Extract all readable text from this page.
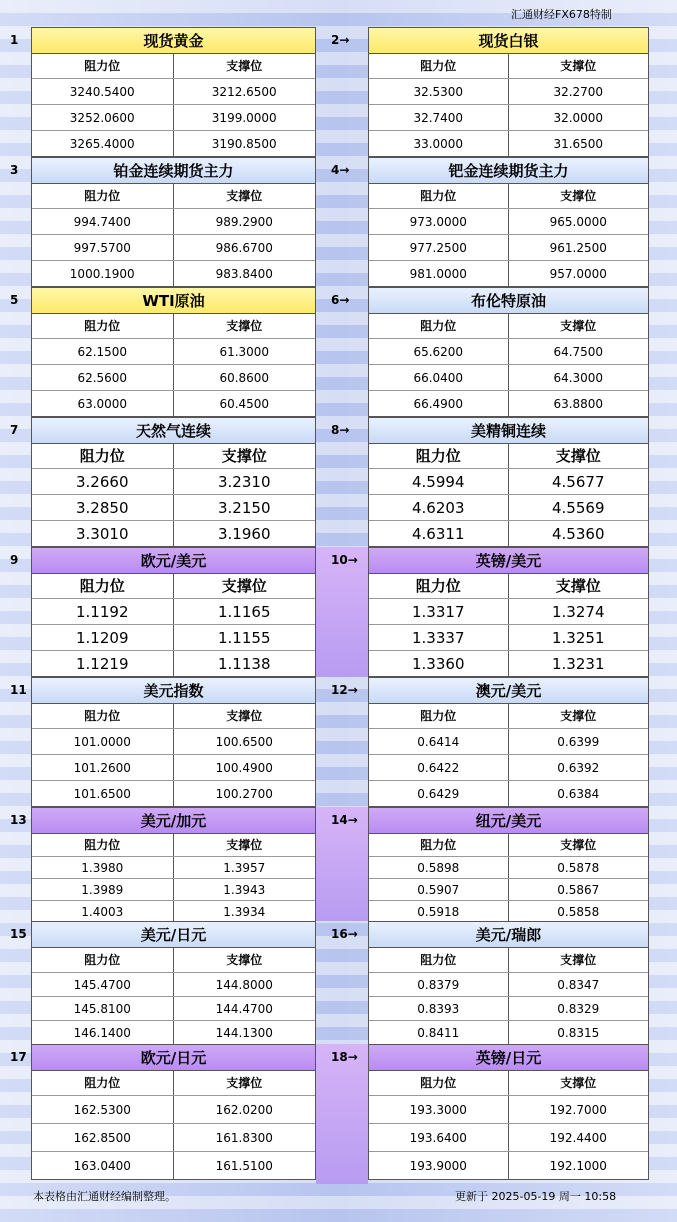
汇通财经FX678特制
1	现货黄金
阻力位	支撑位
3240.5400	3212.6500
3252.0600	3199.0000
3265.4000	3190.8500
2→	现货白银
阻力位	支撑位
32.5300	32.2700
32.7400	32.0000
33.0000	31.6500
3	铂金连续期货主力
阻力位	支撑位
994.7400	989.2900
997.5700	986.6700
1000.1900	983.8400
4→	钯金连续期货主力
阻力位	支撑位
973.0000	965.0000
977.2500	961.2500
981.0000	957.0000
5	WTI原油
阻力位	支撑位
62.1500	61.3000
62.5600	60.8600
63.0000	60.4500
6→	布伦特原油
阻力位	支撑位
65.6200	64.7500
66.0400	64.3000
66.4900	63.8800
7	天然气连续
阻力位	支撑位
3.2660	3.2310
3.2850	3.2150
3.3010	3.1960
8→	美精铜连续
阻力位	支撑位
4.5994	4.5677
4.6203	4.5569
4.6311	4.5360
9	欧元/美元
阻力位	支撑位
1.1192	1.1165
1.1209	1.1155
1.1219	1.1138
10→	英镑/美元
阻力位	支撑位
1.3317	1.3274
1.3337	1.3251
1.3360	1.3231
11	美元指数
阻力位	支撑位
101.0000	100.6500
101.2600	100.4900
101.6500	100.2700
12→	澳元/美元
阻力位	支撑位
0.6414	0.6399
0.6422	0.6392
0.6429	0.6384
13	美元/加元
阻力位	支撑位
1.3980	1.3957
1.3989	1.3943
1.4003	1.3934
14→	纽元/美元
阻力位	支撑位
0.5898	0.5878
0.5907	0.5867
0.5918	0.5858
15	美元/日元
阻力位	支撑位
145.4700	144.8000
145.8100	144.4700
146.1400	144.1300
16→	美元/瑞郎
阻力位	支撑位
0.8379	0.8347
0.8393	0.8329
0.8411	0.8315
17	欧元/日元
阻力位	支撑位
162.5300	162.0200
162.8500	161.8300
163.0400	161.5100
18→	英镑/日元
阻力位	支撑位
193.3000	192.7000
193.6400	192.4400
193.9000	192.1000
本表格由汇通财经编制整理。	更新于 2025-05-19 周一 10:58
